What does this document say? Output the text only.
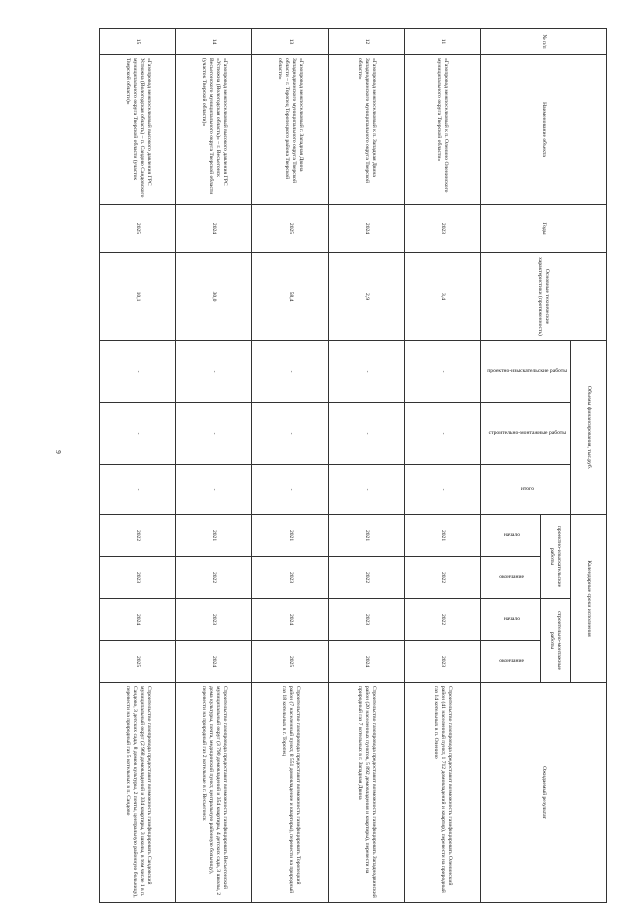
9
№ п/п	Наименование объекта	Годы	Основные технические характеристики (протяженность)	Объемы финансирования, тыс.руб.			Календарные сроки исполнения				Ожидаемый результат
				проектно-изыскательские работы	строительно-монтажные работы	итого	проектно-изыскательские работы		строительно-монтажные работы		
							начало	окончание	начало	окончание	
11	«Газопровод межпоселковый к п. Оленино Оленинского муниципального округа Тверской области»	2023	3,4	-	-	-	2021	2022	2022	2023	Строительство газопровода предоставит возможность газифицировать Оленинский район (41 населенный пункт, 1 712 домовладений и квартир), перевести на природный газ 14 котельных в п. Оленино
12	«Газопровод межпоселковый к п. Западная Двина Западнодвинского муниципального округа Тверской области»	2024	2,9	-	-	-	2021	2022	2023	2024	Строительство газопровода предоставит возможность газифицировать Западнодвинский район (20 населенных пунктов, 5 892 домовладения и квартиры), перевести на природный газ 7 котельных в г. Западная Двина
13	«Газопровод межпоселковый г. Западная Двина Западнодвинского муниципального округа Тверской области – г. Торопец Торопецкого района Тверской области»	2025	58,4	-	-	-	2021	2023	2024	2025	Строительство газопровода предоставит возможность газифицировать Торопецкий район (7 населенный пункт, 8 551 домовладение и квартиры), перевести на природный газ 18 котельных в г. Торопец
14	«Газопровод межпоселковый высокого давления ГРС «Устюжна (Вологодская область)» – г. Весьегонск Весьегонского муниципального округа Тверской области (участок Тверской области)»	2024	30,0	-	-	-	2021	2022	2023	2024	Строительство газопровода предоставит возможность газифицировать Весьегонский муниципальный округ (3 790 домовладений и 354 квартиры, 4 детских сада, 3 школы, 2 дома культуры, почта, медицинский пункт, центральную районную больницу), перевести на природный газ 2 котельные в г. Весьегонск
15	«Газопровод межпоселковый высокого давления ГРС Устюжна (Вологодская область) – п. Сандово Сандовского муниципального округа Тверской области (участок Тверской области)»	2025	10,1	-	-	-	2022	2023	2024	2025	Строительство газопровода предоставит возможность газифицировать Сандовский муниципальный округ (2 968 домовладений и 334 квартиры, 3 школы, в том числе 1 в п. Сандово, 3 детских сада, 8 домов культуры, 2 почты, центральную районную больницу), перевести на природный газ 5 котельных в п. Сандово
